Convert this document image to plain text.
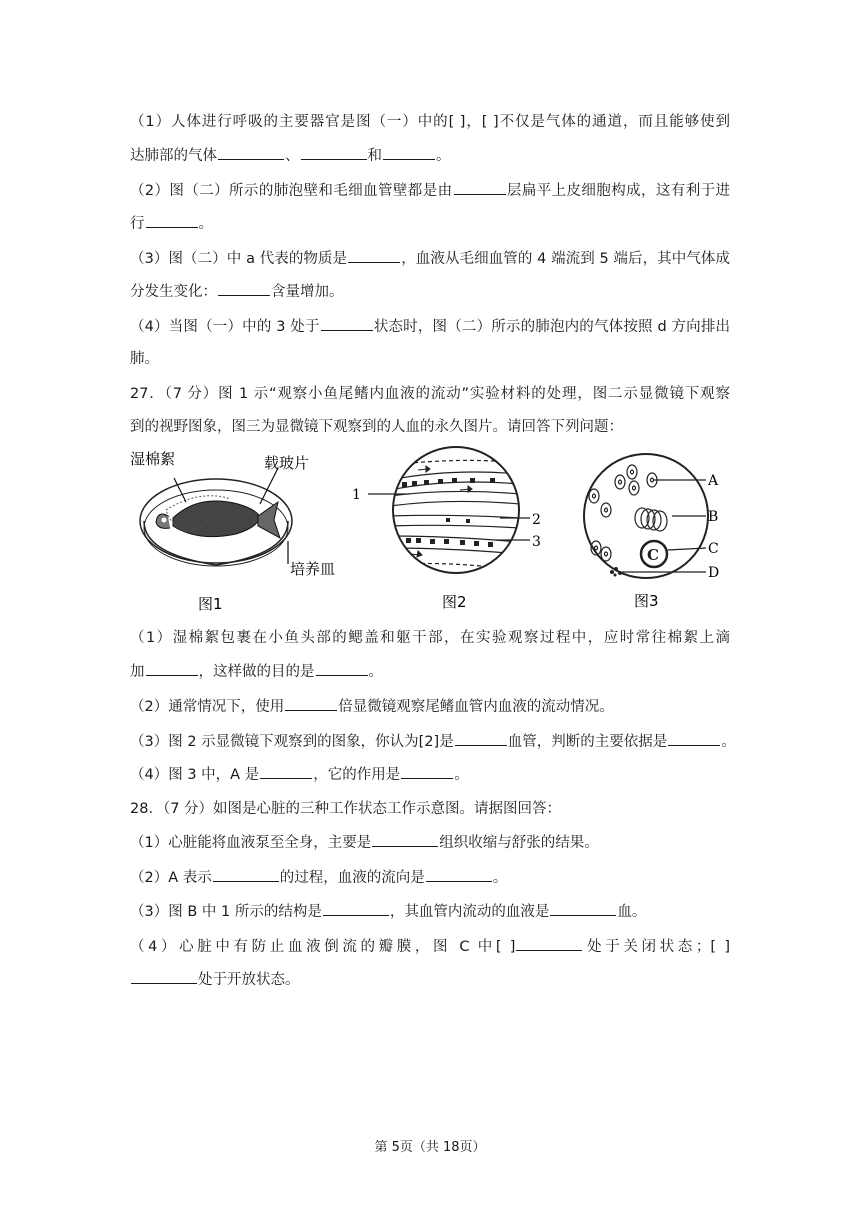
（1）人体进行呼吸的主要器官是图（一）中的[ ]，[ ]不仅是气体的通道，而且能够使到
达肺部的气体	、	和	。
（2）图（二）所示的肺泡壁和毛细血管壁都是由	层扁平上皮细胞构成，这有利于进
行	。
（3）图（二）中 a 代表的物质是	，血液从毛细血管的 4 端流到 5 端后，其中气体成
分发生变化：	含量增加。
（4）当图（一）中的 3 处于	状态时，图（二）所示的肺泡内的气体按照 d 方向排出
肺。
27．（7 分）图 1 示“观察小鱼尾鳍内血液的流动”实验材料的处理，图二示显微镜下观察
到的视野图象，图三为显微镜下观察到的人血的永久图片。请回答下列问题：
湿棉絮	载玻片
培养皿
图1
1
2
3
图2
C
A
B
C
D
图3
（1）湿棉絮包裹在小鱼头部的鳃盖和躯干部，在实验观察过程中，应时常往棉絮上滴
加	，这样做的目的是	。
（2）通常情况下，使用	倍显微镜观察尾鳍血管内血液的流动情况。
（3）图 2 示显微镜下观察到的图象，你认为[2]是	血管，判断的主要依据是	。
（4）图 3 中，A 是	，它的作用是	。
28．（7 分）如图是心脏的三种工作状态工作示意图。请据图回答：
（1）心脏能将血液泵至全身，主要是	组织收缩与舒张的结果。
（2）A 表示	的过程，血液的流向是	。
（3）图 B 中 1 所示的结构是	，其血管内流动的血液是	血。
（4）心脏中有防止血液倒流的瓣膜，图 C 中[ ]	处于关闭状态；[ ]
处于开放状态。
第 5页（共 18页）
